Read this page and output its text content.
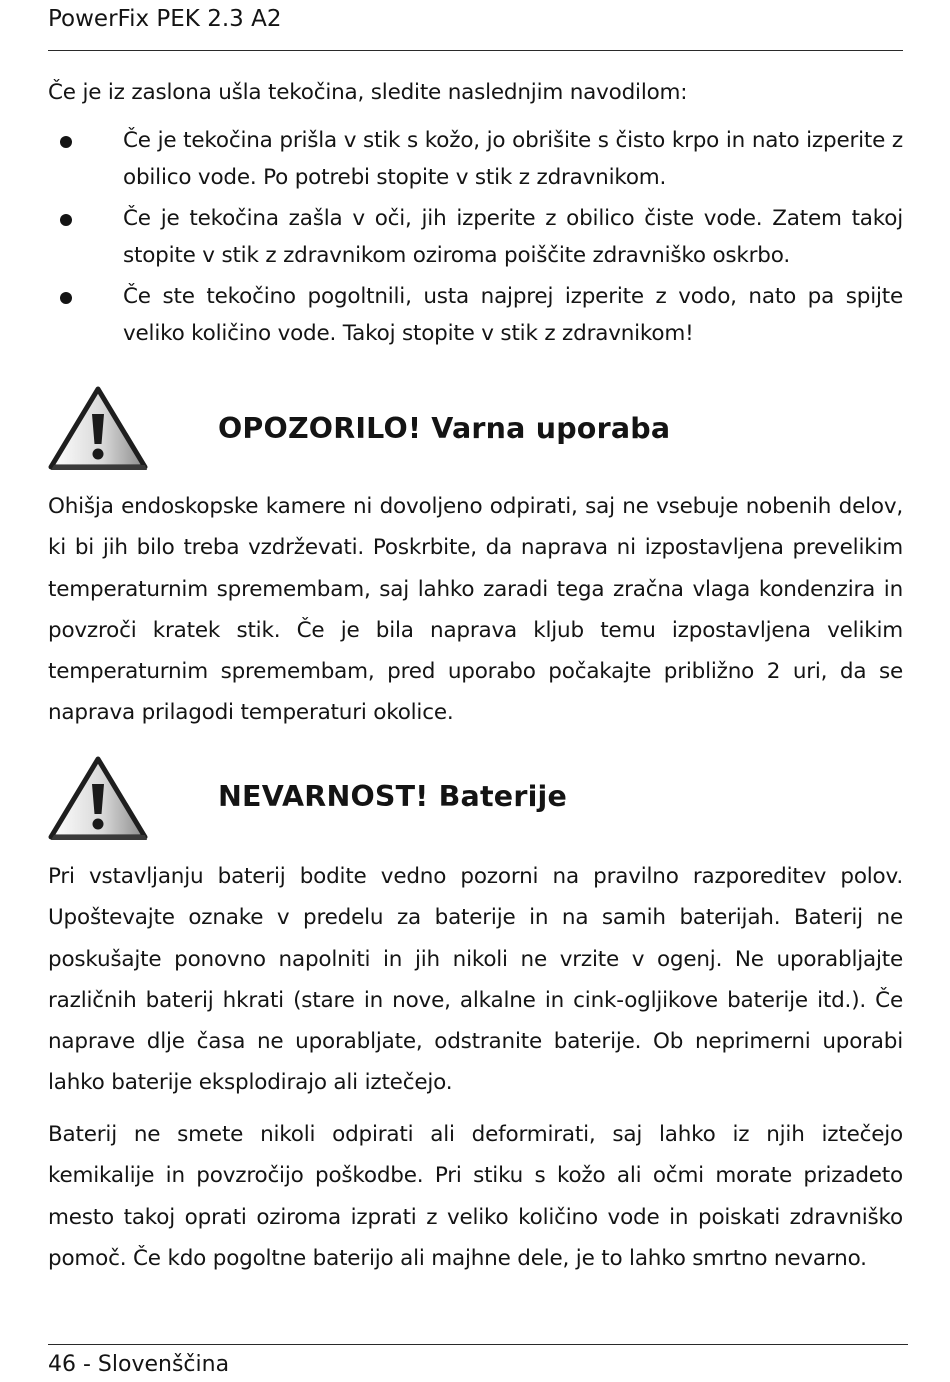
PowerFix PEK 2.3 A2
Če je iz zaslona ušla tekočina, sledite naslednjim navodilom:
Če je tekočina prišla v stik s kožo, jo obrišite s čisto krpo in nato izperite z obilico vode. Po potrebi stopite v stik z zdravnikom.
Če je tekočina zašla v oči, jih izperite z obilico čiste vode. Zatem takoj stopite v stik z zdravnikom oziroma poiščite zdravniško oskrbo.
Če ste tekočino pogoltnili, usta najprej izperite z vodo, nato pa spijte veliko količino vode. Takoj stopite v stik z zdravnikom!
OPOZORILO! Varna uporaba

Ohišja endoskopske kamere ni dovoljeno odpirati, saj ne vsebuje nobenih delov, ki bi jih bilo treba vzdrževati. Poskrbite, da naprava ni izpostavljena prevelikim temperaturnim spremembam, saj lahko zaradi tega zračna vlaga kondenzira in povzroči kratek stik. Če je bila naprava kljub temu izpostavljena velikim temperaturnim spremembam, pred uporabo počakajte približno 2 uri, da se naprava prilagodi temperaturi okolice.

NEVARNOST! Baterije

Pri vstavljanju baterij bodite vedno pozorni na pravilno razporeditev polov. Upoštevajte oznake v predelu za baterije in na samih baterijah. Baterij ne poskušajte ponovno napolniti in jih nikoli ne vrzite v ogenj. Ne uporabljajte različnih baterij hkrati (stare in nove, alkalne in cink-ogljikove baterije itd.). Če naprave dlje časa ne uporabljate, odstranite baterije. Ob neprimerni uporabi lahko baterije eksplodirajo ali iztečejo.

Baterij ne smete nikoli odpirati ali deformirati, saj lahko iz njih iztečejo kemikalije in povzročijo poškodbe. Pri stiku s kožo ali očmi morate prizadeto mesto takoj oprati oziroma izprati z veliko količino vode in poiskati zdravniško pomoč. Če kdo pogoltne baterijo ali majhne dele, je to lahko smrtno nevarno.

46 - Slovenščina
